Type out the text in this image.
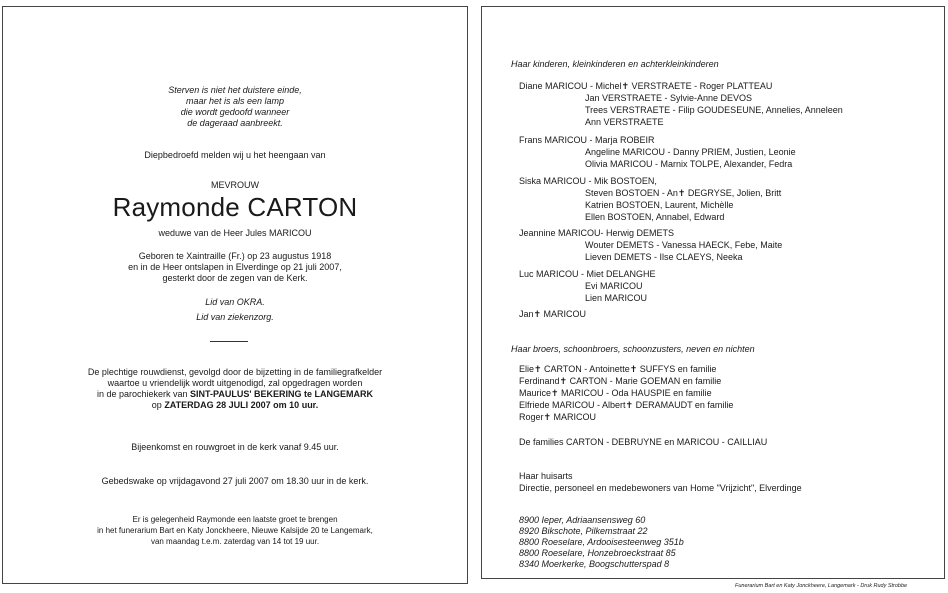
Sterven is niet het duistere einde,
maar het is als een lamp
die wordt gedoofd wanneer
de dageraad aanbreekt.
Diepbedroefd melden wij u het heengaan van
MEVROUW
Raymonde CARTON
weduwe van de Heer Jules MARICOU
Geboren te Xaintraille (Fr.) op 23 augustus 1918
en in de Heer ontslapen in Elverdinge op 21 juli 2007,
gesterkt door de zegen van de Kerk.
Lid van OKRA.
Lid van ziekenzorg.
De plechtige rouwdienst, gevolgd door de bijzetting in de familiegrafkelder
waartoe u vriendelijk wordt uitgenodigd, zal opgedragen worden
in de parochiekerk van SINT-PAULUS' BEKERING te LANGEMARK
op ZATERDAG 28 JULI 2007 om 10 uur.
Bijeenkomst en rouwgroet in de kerk vanaf 9.45 uur.
Gebedswake op vrijdagavond 27 juli 2007 om 18.30 uur in de kerk.
Er is gelegenheid Raymonde een laatste groet te brengen
in het funerarium Bart en Katy Jonckheere, Nieuwe Kalsijde 20 te Langemark,
van maandag t.e.m. zaterdag van 14 tot 19 uur.
Haar kinderen, kleinkinderen en achterkleinkinderen
Diane MARICOU - Michel✝ VERSTRAETE - Roger PLATTEAU
Jan VERSTRAETE - Sylvie-Anne DEVOS
Trees VERSTRAETE - Filip GOUDESEUNE, Annelies, Anneleen
Ann VERSTRAETE
Frans MARICOU - Marja ROBEIR
Angeline MARICOU - Danny PRIEM, Justien, Leonie
Olivia MARICOU - Marnix TOLPE, Alexander, Fedra
Siska MARICOU - Mik BOSTOEN,
Steven BOSTOEN - An✝ DEGRYSE, Jolien, Britt
Katrien BOSTOEN, Laurent, Michèlle
Ellen BOSTOEN, Annabel, Edward
Jeannine MARICOU- Herwig DEMETS
Wouter DEMETS - Vanessa HAECK, Febe, Maite
Lieven DEMETS - Ilse CLAEYS, Neeka
Luc MARICOU - Miet DELANGHE
Evi MARICOU
Lien MARICOU
Jan✝ MARICOU
Haar broers, schoonbroers, schoonzusters, neven en nichten
Elie✝ CARTON - Antoinette✝ SUFFYS en familie
Ferdinand✝ CARTON - Marie GOEMAN en familie
Maurice✝ MARICOU - Oda HAUSPIE en familie
Elfriede MARICOU - Albert✝ DERAMAUDT en familie
Roger✝ MARICOU
De families CARTON - DEBRUYNE en MARICOU - CAILLIAU
Haar huisarts
Directie, personeel en medebewoners van Home "Vrijzicht", Elverdinge
8900 Ieper, Adriaansensweg 60
8920 Bikschote, Pilkemstraat 22
8800 Roeselare, Ardooisesteenweg 351b
8800 Roeselare, Honzebroeckstraat 85
8340 Moerkerke, Boogschutterspad 8
Funerarium Bart en Katy Jonckheere, Langemark - Druk Rudy Strobbe
